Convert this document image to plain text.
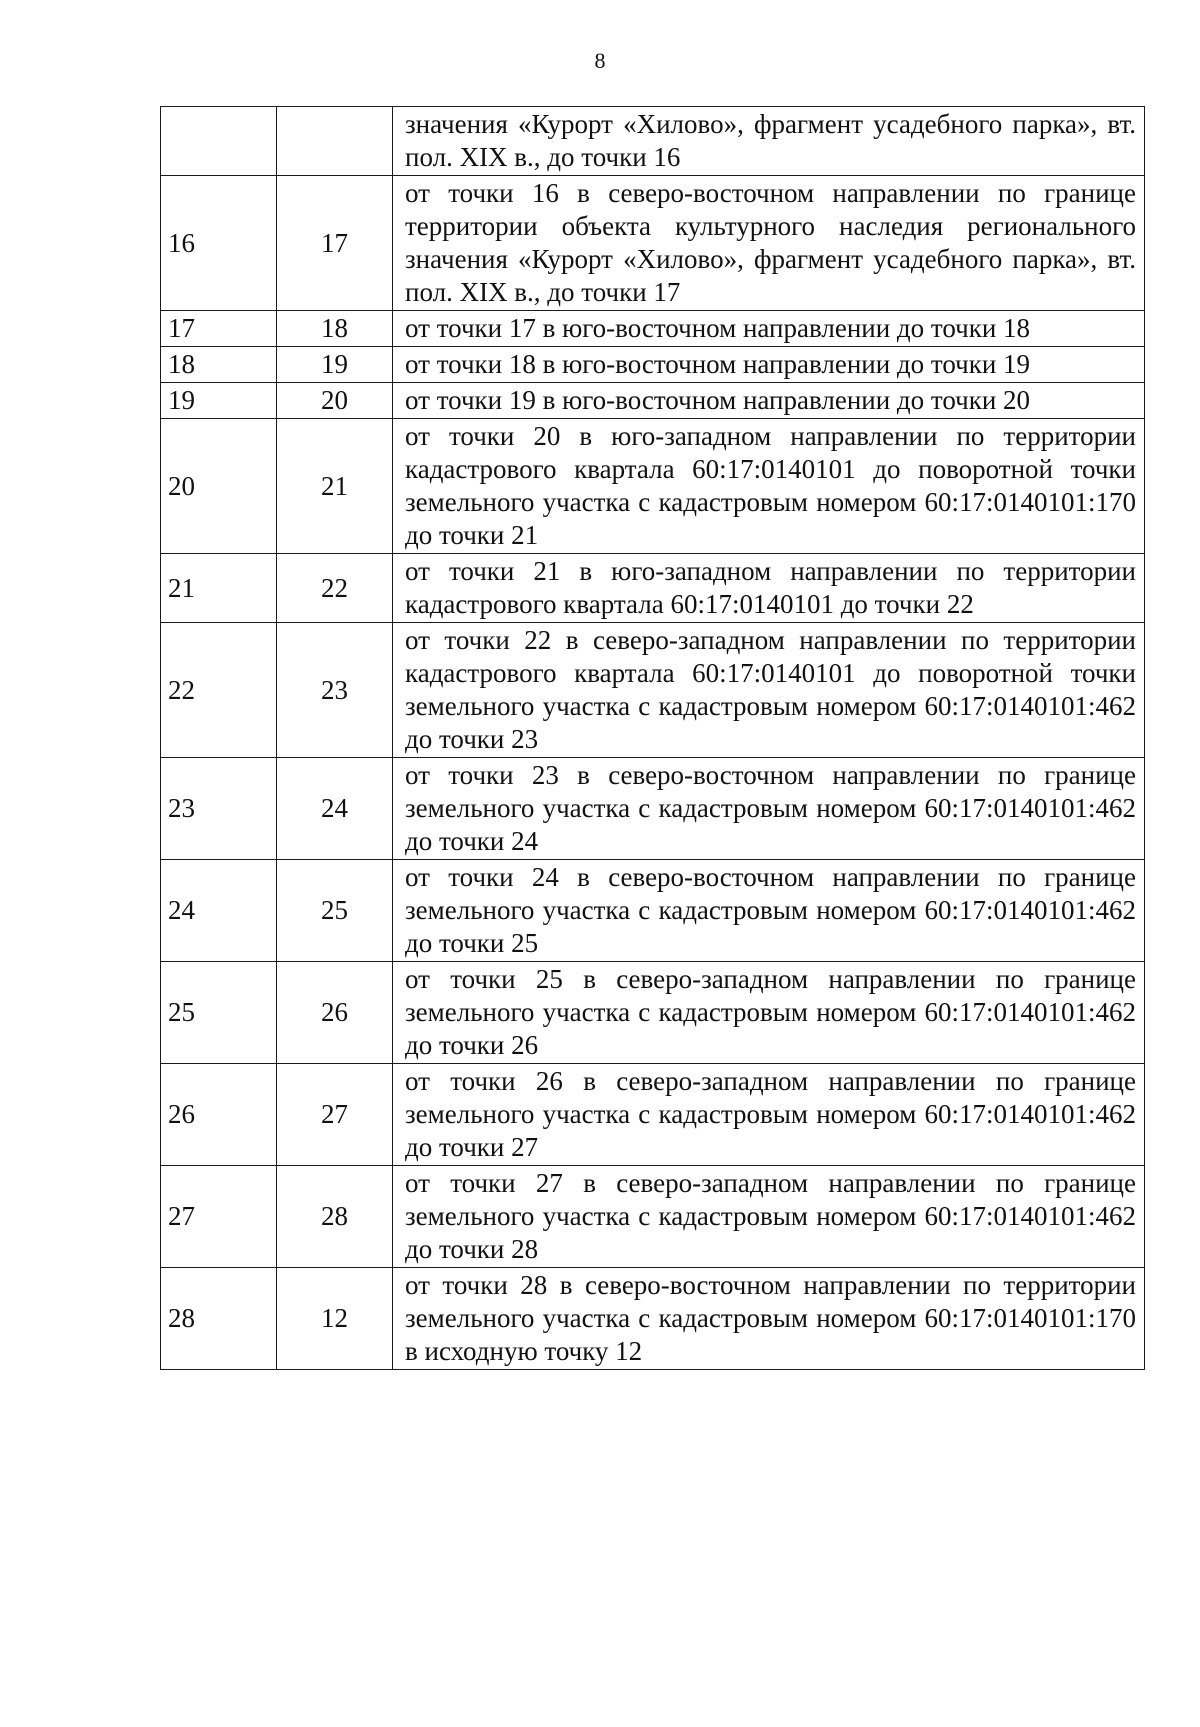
8
		значения «Курорт «Хилово», фрагмент усадебного парка», вт. пол. XIX в., до точки 16
16	17	от точки 16 в северо-восточном направлении по границе территории объекта культурного наследия регионального значения «Курорт «Хилово», фрагмент усадебного парка», вт. пол. XIX в., до точки 17
17	18	от точки 17 в юго-восточном направлении до точки 18
18	19	от точки 18 в юго-восточном направлении до точки 19
19	20	от точки 19 в юго-восточном направлении до точки 20
20	21	от точки 20 в юго-западном направлении по территории кадастрового квартала 60:17:0140101 до поворотной точки земельного участка с кадастровым номером 60:17:0140101:170 до точки 21
21	22	от точки 21 в юго-западном направлении по территории кадастрового квартала 60:17:0140101 до точки 22
22	23	от точки 22 в северо-западном направлении по территории кадастрового квартала 60:17:0140101 до поворотной точки земельного участка с кадастровым номером 60:17:0140101:462 до точки 23
23	24	от точки 23 в северо-восточном направлении по границе земельного участка с кадастровым номером 60:17:0140101:462 до точки 24
24	25	от точки 24 в северо-восточном направлении по границе земельного участка с кадастровым номером 60:17:0140101:462 до точки 25
25	26	от точки 25 в северо-западном направлении по границе земельного участка с кадастровым номером 60:17:0140101:462 до точки 26
26	27	от точки 26 в северо-западном направлении по границе земельного участка с кадастровым номером 60:17:0140101:462 до точки 27
27	28	от точки 27 в северо-западном направлении по границе земельного участка с кадастровым номером 60:17:0140101:462 до точки 28
28	12	от точки 28 в северо-восточном направлении по территории земельного участка с кадастровым номером 60:17:0140101:170 в исходную точку 12
